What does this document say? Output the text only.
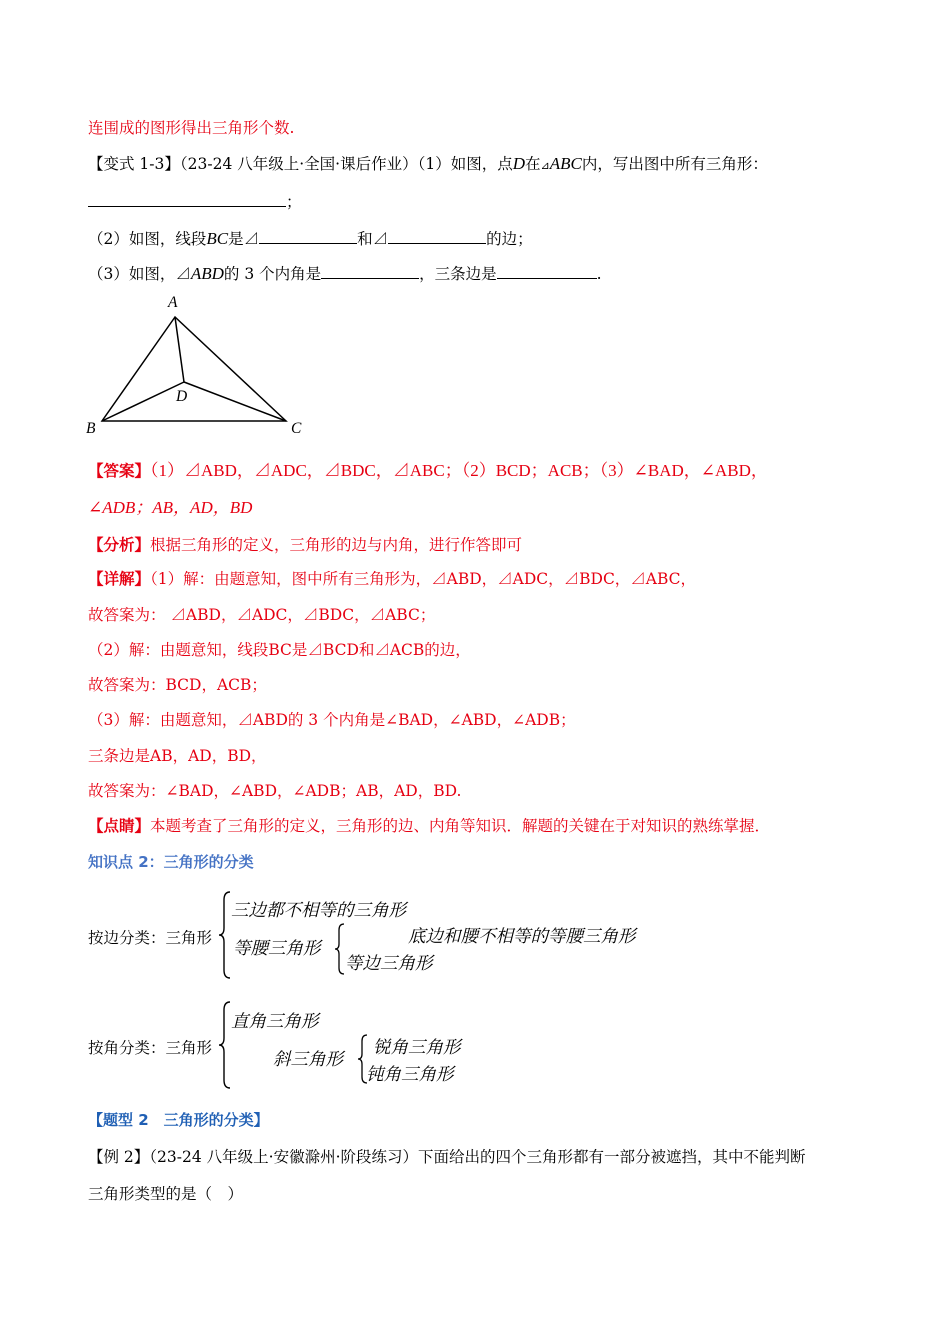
连围成的图形得出三角形个数.
【变式 1-3】（23-24 八年级上·全国·课后作业）（1）如图，点D在⊿ABC内，写出图中所有三角形：
；
（2）如图，线段BC是⊿	和⊿	的边；
（3）如图，⊿ABD的 3 个内角是	，三条边是	.
A
B	C
D
【答案】（1）⊿ABD，⊿ADC，⊿BDC，⊿ABC；（2）BCD；ACB；（3）∠BAD，∠ABD，
∠ADB；AB，AD，BD
【分析】根据三角形的定义，三角形的边与内角，进行作答即可
【详解】（1）解：由题意知，图中所有三角形为，⊿ABD，⊿ADC，⊿BDC，⊿ABC，
故答案为： ⊿ABD，⊿ADC，⊿BDC，⊿ABC；
（2）解：由题意知，线段BC是⊿BCD和⊿ACB的边，
故答案为：BCD，ACB；
（3）解：由题意知，⊿ABD的 3 个内角是∠BAD，∠ABD，∠ADB；
三条边是AB，AD，BD，
故答案为：∠BAD，∠ABD，∠ADB；AB，AD，BD.
【点睛】本题考查了三角形的定义，三角形的边、内角等知识．解题的关键在于对知识的熟练掌握．
知识点 2：三角形的分类
按边分类：三角形
三边都不相等的三角形
等腰三角形
底边和腰不相等的等腰三角形
等边三角形
按角分类：三角形
直角三角形
斜三角形
锐角三角形
钝角三角形
【题型 2　三角形的分类】
【例 2】（23-24 八年级上·安徽滁州·阶段练习）下面给出的四个三角形都有一部分被遮挡，其中不能判断
三角形类型的是（　）
